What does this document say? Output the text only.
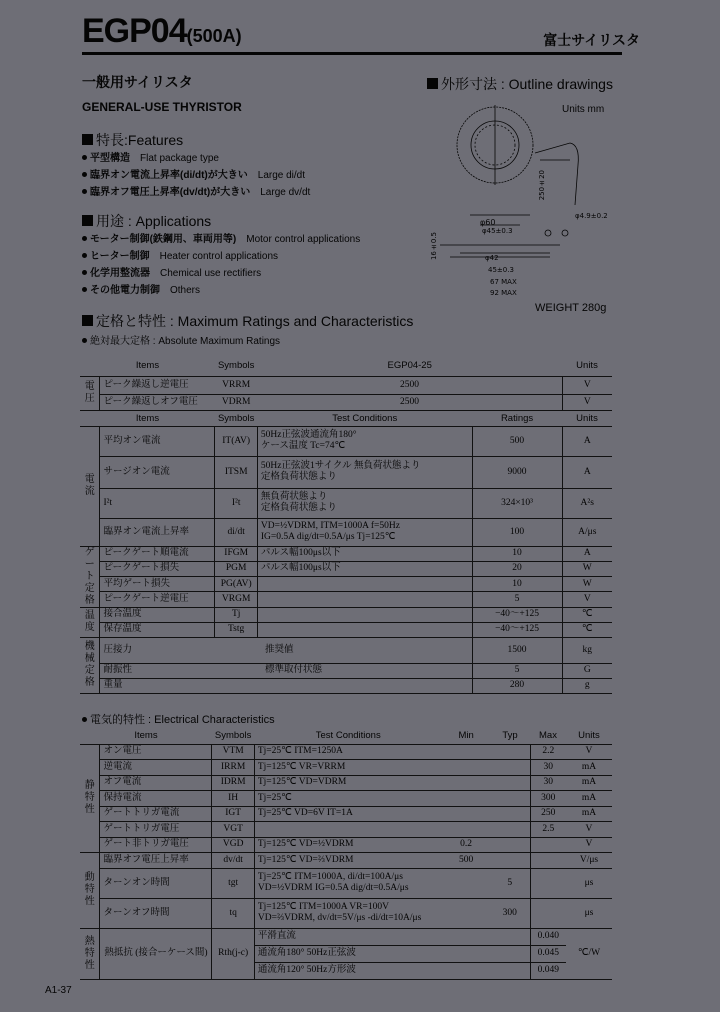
EGP04(500A)	富士サイリスタ
一般用サイリスタ
GENERAL-USE THYRISTOR
特長:Features
平型構造 Flat package type
臨界オン電流上昇率(di/dt)が大きい Large di/dt
臨界オフ電圧上昇率(dv/dt)が大きい Large dv/dt
用途 : Applications
モーター制御(鉄鋼用、車両用等) Motor control applications
ヒーター制御 Heater control applications
化学用整流器 Chemical use rectifiers
その他電力制御 Others
外形寸法 : Outline drawings
Units mm
φ60
φ45±0.3
φ42
45±0.3
67 MAX
92 MAX
16±0.5
250±20
φ4.9±0.2
WEIGHT 280g
定格と特性 : Maximum Ratings and Characteristics
絶対最大定格 : Absolute Maximum Ratings
Items		Symbols	EGP04-25		Units
電圧	ピーク繰返し逆電圧	VRRM	2500		V
	ピーク繰返しオフ電圧	VDRM	2500		V
Items		Symbols	Test Conditions	Ratings	Units
電流	平均オン電流	IT(AV)	50Hz正弦波通流角180°
ケース温度 Tc=74℃	500	A
	サージオン電流	ITSM	50Hz正弦波1サイクル 無負荷状態より
定格負荷状態より	9000	A
	I²t	I²t	無負荷状態より
定格負荷状態より	324×10³	A²s
	臨界オン電流上昇率	di/dt	VD=½VDRM, ITM=1000A f=50Hz
IG=0.5A dig/dt=0.5A/μs Tj=125℃	100	A/μs
ゲート定格	ピークゲート順電流	IFGM	パルス幅100μs以下	10	A
	ピークゲート損失	PGM	パルス幅100μs以下	20	W
	平均ゲート損失	PG(AV)		10	W
	ピークゲート逆電圧	VRGM		5	V
温度	接合温度	Tj		−40〜+125	℃
	保存温度	Tstg		−40〜+125	℃
機械定格	圧接力	推奨値		1500	kg
	耐振性	標準取付状態		5	G
	重量			280	g
電気的特性 : Electrical Characteristics
Items		Symbols	Test Conditions	Min	Typ	Max	Units
静特性	オン電圧	VTM	Tj=25℃ ITM=1250A			2.2	V
	逆電流	IRRM	Tj=125℃ VR=VRRM			30	mA
	オフ電流	IDRM	Tj=125℃ VD=VDRM			30	mA
	保持電流	IH	Tj=25℃			300	mA
	ゲートトリガ電流	IGT	Tj=25℃ VD=6V IT=1A			250	mA
	ゲートトリガ電圧	VGT				2.5	V
	ゲート非トリガ電圧	VGD	Tj=125℃ VD=½VDRM	0.2			V
動特性	臨界オフ電圧上昇率	dv/dt	Tj=125℃ VD=⅔VDRM	500			V/μs
	ターンオン時間	tgt	Tj=25℃ ITM=1000A, di/dt=100A/μs
VD=½VDRM IG=0.5A dig/dt=0.5A/μs		5		μs
	ターンオフ時間	tq	Tj=125℃ ITM=1000A VR=100V
VD=⅔VDRM, dv/dt=5V/μs -di/dt=10A/μs		300		μs
熱特性	熱抵抗 (接合ーケース間)	Rth(j-c)	平滑直流			0.040	℃/W
			通流角180° 50Hz正弦波			0.045	
			通流角120° 50Hz方形波			0.049	
A1-37
